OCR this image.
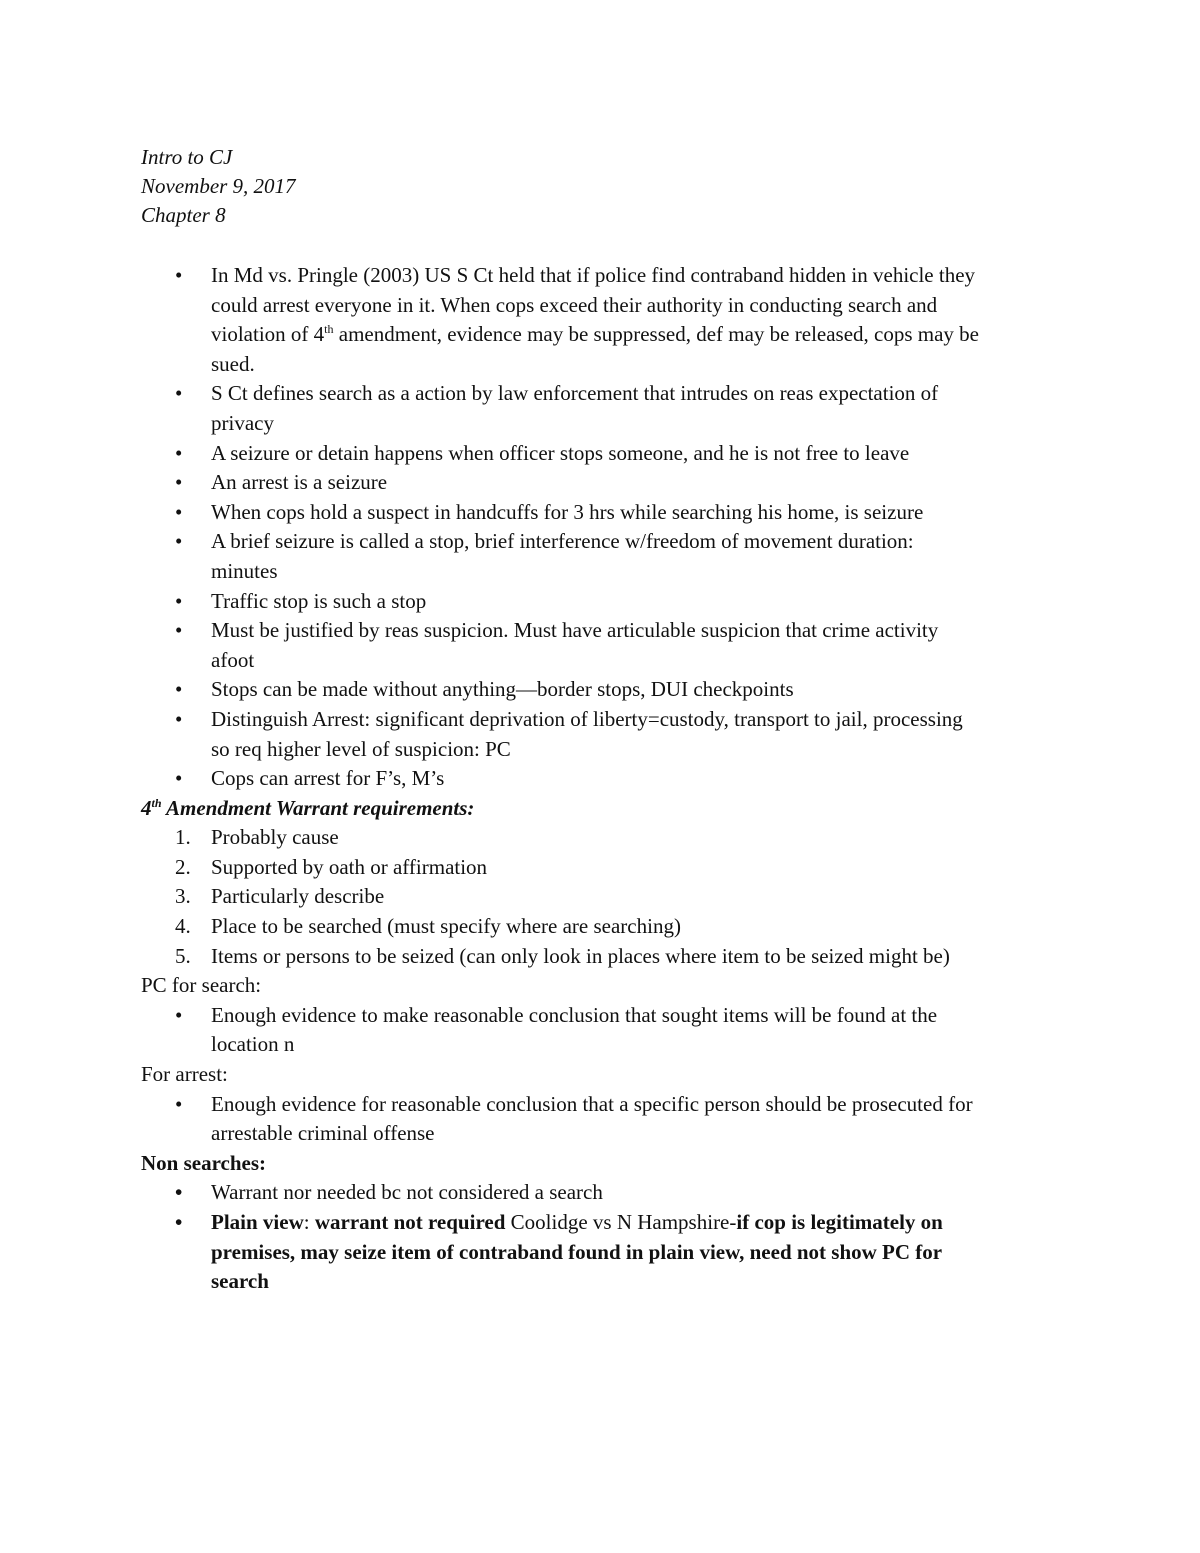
Intro to CJ
November 9, 2017
Chapter 8
• In Md vs. Pringle (2003) US S Ct held that if police find contraband hidden in vehicle they could arrest everyone in it. When cops exceed their authority in conducting search and violation of 4th amendment, evidence may be suppressed, def may be released, cops may be sued.
• S Ct defines search as a action by law enforcement that intrudes on reas expectation of privacy
• A seizure or detain happens when officer stops someone, and he is not free to leave
• An arrest is a seizure
• When cops hold a suspect in handcuffs for 3 hrs while searching his home, is seizure
• A brief seizure is called a stop, brief interference w/freedom of movement duration: minutes
• Traffic stop is such a stop
• Must be justified by reas suspicion. Must have articulable suspicion that crime activity afoot
• Stops can be made without anything—border stops, DUI checkpoints
• Distinguish Arrest: significant deprivation of liberty=custody, transport to jail, processing so req higher level of suspicion: PC
• Cops can arrest for F’s, M’s
4th Amendment Warrant requirements:
1. Probably cause
2. Supported by oath or affirmation
3. Particularly describe
4. Place to be searched (must specify where are searching)
5. Items or persons to be seized (can only look in places where item to be seized might be)
PC for search:
• Enough evidence to make reasonable conclusion that sought items will be found at the location n
For arrest:
• Enough evidence for reasonable conclusion that a specific person should be prosecuted for arrestable criminal offense
Non searches:
• Warrant nor needed bc not considered a search
• Plain view: warrant not required Coolidge vs N Hampshire-if cop is legitimately on premises, may seize item of contraband found in plain view, need not show PC for search
